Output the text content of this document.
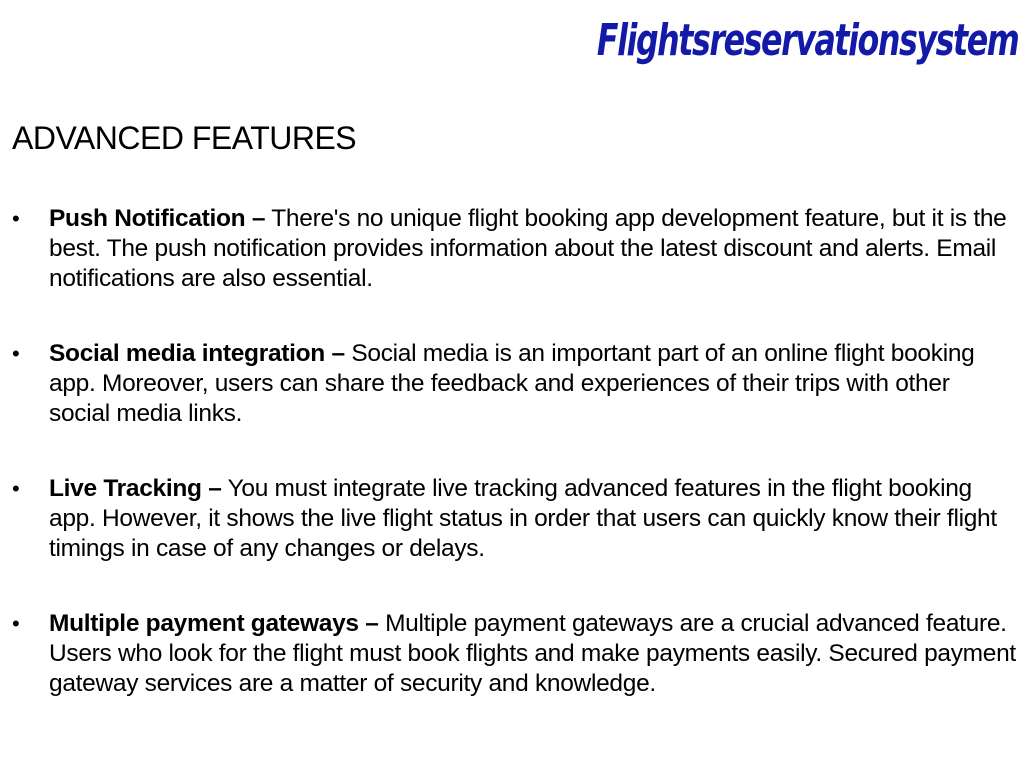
Flightsreservationsystem
ADVANCED FEATURES
• Push Notification – There's no unique flight booking app development feature, but it is the best. The push notification provides information about the latest discount and alerts. Email notifications are also essential.
• Social media integration – Social media is an important part of an online flight booking app. Moreover, users can share the feedback and experiences of their trips with other social media links.
• Live Tracking – You must integrate live tracking advanced features in the flight booking app. However, it shows the live flight status in order that users can quickly know their flight timings in case of any changes or delays.
• Multiple payment gateways – Multiple payment gateways are a crucial advanced feature. Users who look for the flight must book flights and make payments easily. Secured payment gateway services are a matter of security and knowledge.
